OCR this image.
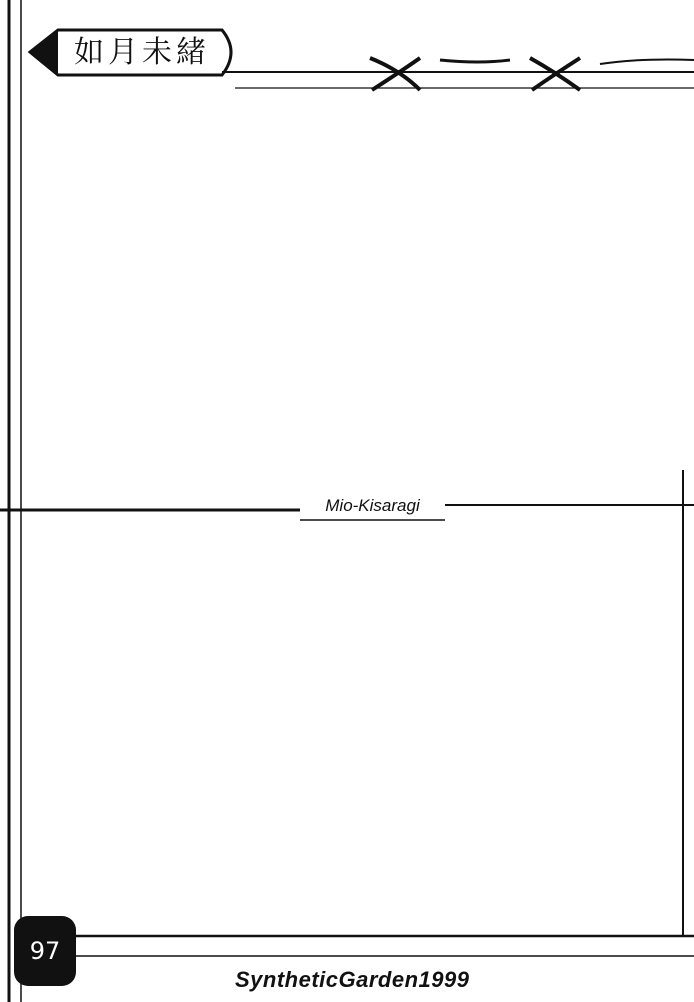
如月未緒
Mio-Kisaragi
97
SyntheticGarden1999
